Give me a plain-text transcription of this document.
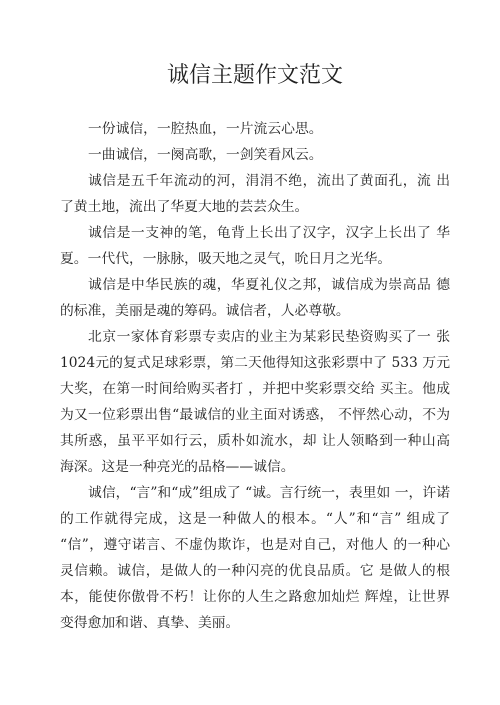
诚信主题作文范文

一份诚信，一腔热血，一片流云心思。

一曲诚信，一阕高歌，一剑笑看风云。

诚信是五千年流动的河，涓涓不绝，流出了黄面孔，流 出了黄土地，流出了华夏大地的芸芸众生。

诚信是一支神的笔，龟背上长出了汉字，汉字上长出了 华夏。一代代，一脉脉，吸天地之灵气，吮日月之光华。

诚信是中华民族的魂，华夏礼仪之邦，诚信成为崇高品 德的标准，美丽是魂的筹码。诚信者，人必尊敬。

北京一家体育彩票专卖店的业主为某彩民垫资购买了一 张 1024元的复式足球彩票，第二天他得知这张彩票中了 533 万元大奖，在第一时间给购买者打 ，并把中奖彩票交给 买主。他成为又一位彩票出售“最诚信的业主面对诱惑， 不怦然心动，不为其所惑，虽平平如行云，质朴如流水，却 让人领略到一种山高海深。这是一种亮光的品格——诚信。

诚信，“言”和“成”组成了 “诚。言行统一，表里如 一，许诺的工作就得完成，这是一种做人的根本。“人”和“言” 组成了 “信”，遵守诺言、不虚伪欺诈，也是对自己，对他人 的一种心灵信赖。诚信，是做人的一种闪亮的优良品质。它 是做人的根本，能使你傲骨不朽！让你的人生之路愈加灿烂 辉煌，让世界变得愈加和谐、真挚、美丽。
